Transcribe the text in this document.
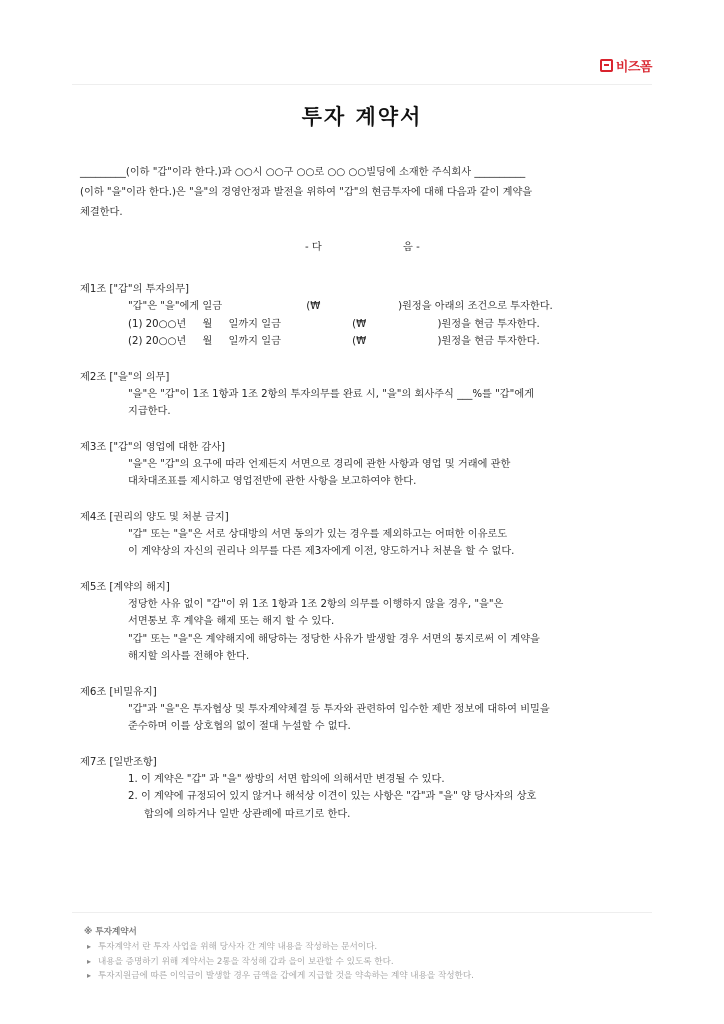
비즈폼
투자 계약서

_________(이하 "갑"이라 한다.)과 ○○시 ○○구 ○○로 ○○ ○○빌딩에 소재한 주식회사 __________

(이하 "을"이라 한다.)은 "을"의 경영안정과 발전을 위하여 "갑"의 현금투자에 대해 다음과 같이 계약을

체결한다.

- 다	음 -
제1조 ["갑"의 투자의무]
"갑"은 "을"에게 일금                          (₩                        )원정을 아래의 조건으로 투자한다.
(1) 20○○년     월     일까지 일금                      (₩                      )원정을 현금 투자한다.
(2) 20○○년     월     일까지 일금                      (₩                      )원정을 현금 투자한다.
제2조 ["을"의 의무]
"을"은 "갑"이 1조 1항과 1조 2항의 투자의무를 완료 시, "을"의 회사주식 ___%를 "갑"에게
지급한다.
제3조 ["갑"의 영업에 대한 감사]
"을"은 "갑"의 요구에 따라 언제든지 서면으로 경리에 관한 사항과 영업 및 거래에 관한
대차대조표를 제시하고 영업전반에 관한 사항을 보고하여야 한다.
제4조 [권리의 양도 및 처분 금지]
"갑" 또는 "을"은 서로 상대방의 서면 동의가 있는 경우를 제외하고는 어떠한 이유로도
이 계약상의 자신의 권리나 의무를 다른 제3자에게 이전, 양도하거나 처분을 할 수 없다.
제5조 [계약의 해지]
정당한 사유 없이 "갑"이 위 1조 1항과 1조 2항의 의무를 이행하지 않을 경우, "을"은
서면통보 후 계약을 해제 또는 해지 할 수 있다.
"갑" 또는 "을"은 계약해지에 해당하는 정당한 사유가 발생할 경우 서면의 통지로써 이 계약을
해지할 의사를 전해야 한다.
제6조 [비밀유지]
"갑"과 "을"은 투자협상 및 투자계약체결 등 투자와 관련하여 입수한 제반 정보에 대하여 비밀을
준수하며 이를 상호협의 없이 절대 누설할 수 없다.
제7조 [일반조항]
1. 이 계약은 "갑" 과 "을" 쌍방의 서면 합의에 의해서만 변경될 수 있다.
2. 이 계약에 규정되어 있지 않거나 해석상 이견이 있는 사항은 "갑"과 "을" 양 당사자의 상호
합의에 의하거나 일반 상관례에 따르기로 한다.
※ 투자계약서
▸ 투자계약서 란 투자 사업을 위해 당사자 간 계약 내용을 작성하는 문서이다.
▸ 내용을 증명하기 위해 계약서는 2통을 작성해 갑과 을이 보관할 수 있도록 한다.
▸ 투자지원금에 따른 이익금이 발생할 경우 금액을 갑에게 지급할 것을 약속하는 계약 내용을 작성한다.
